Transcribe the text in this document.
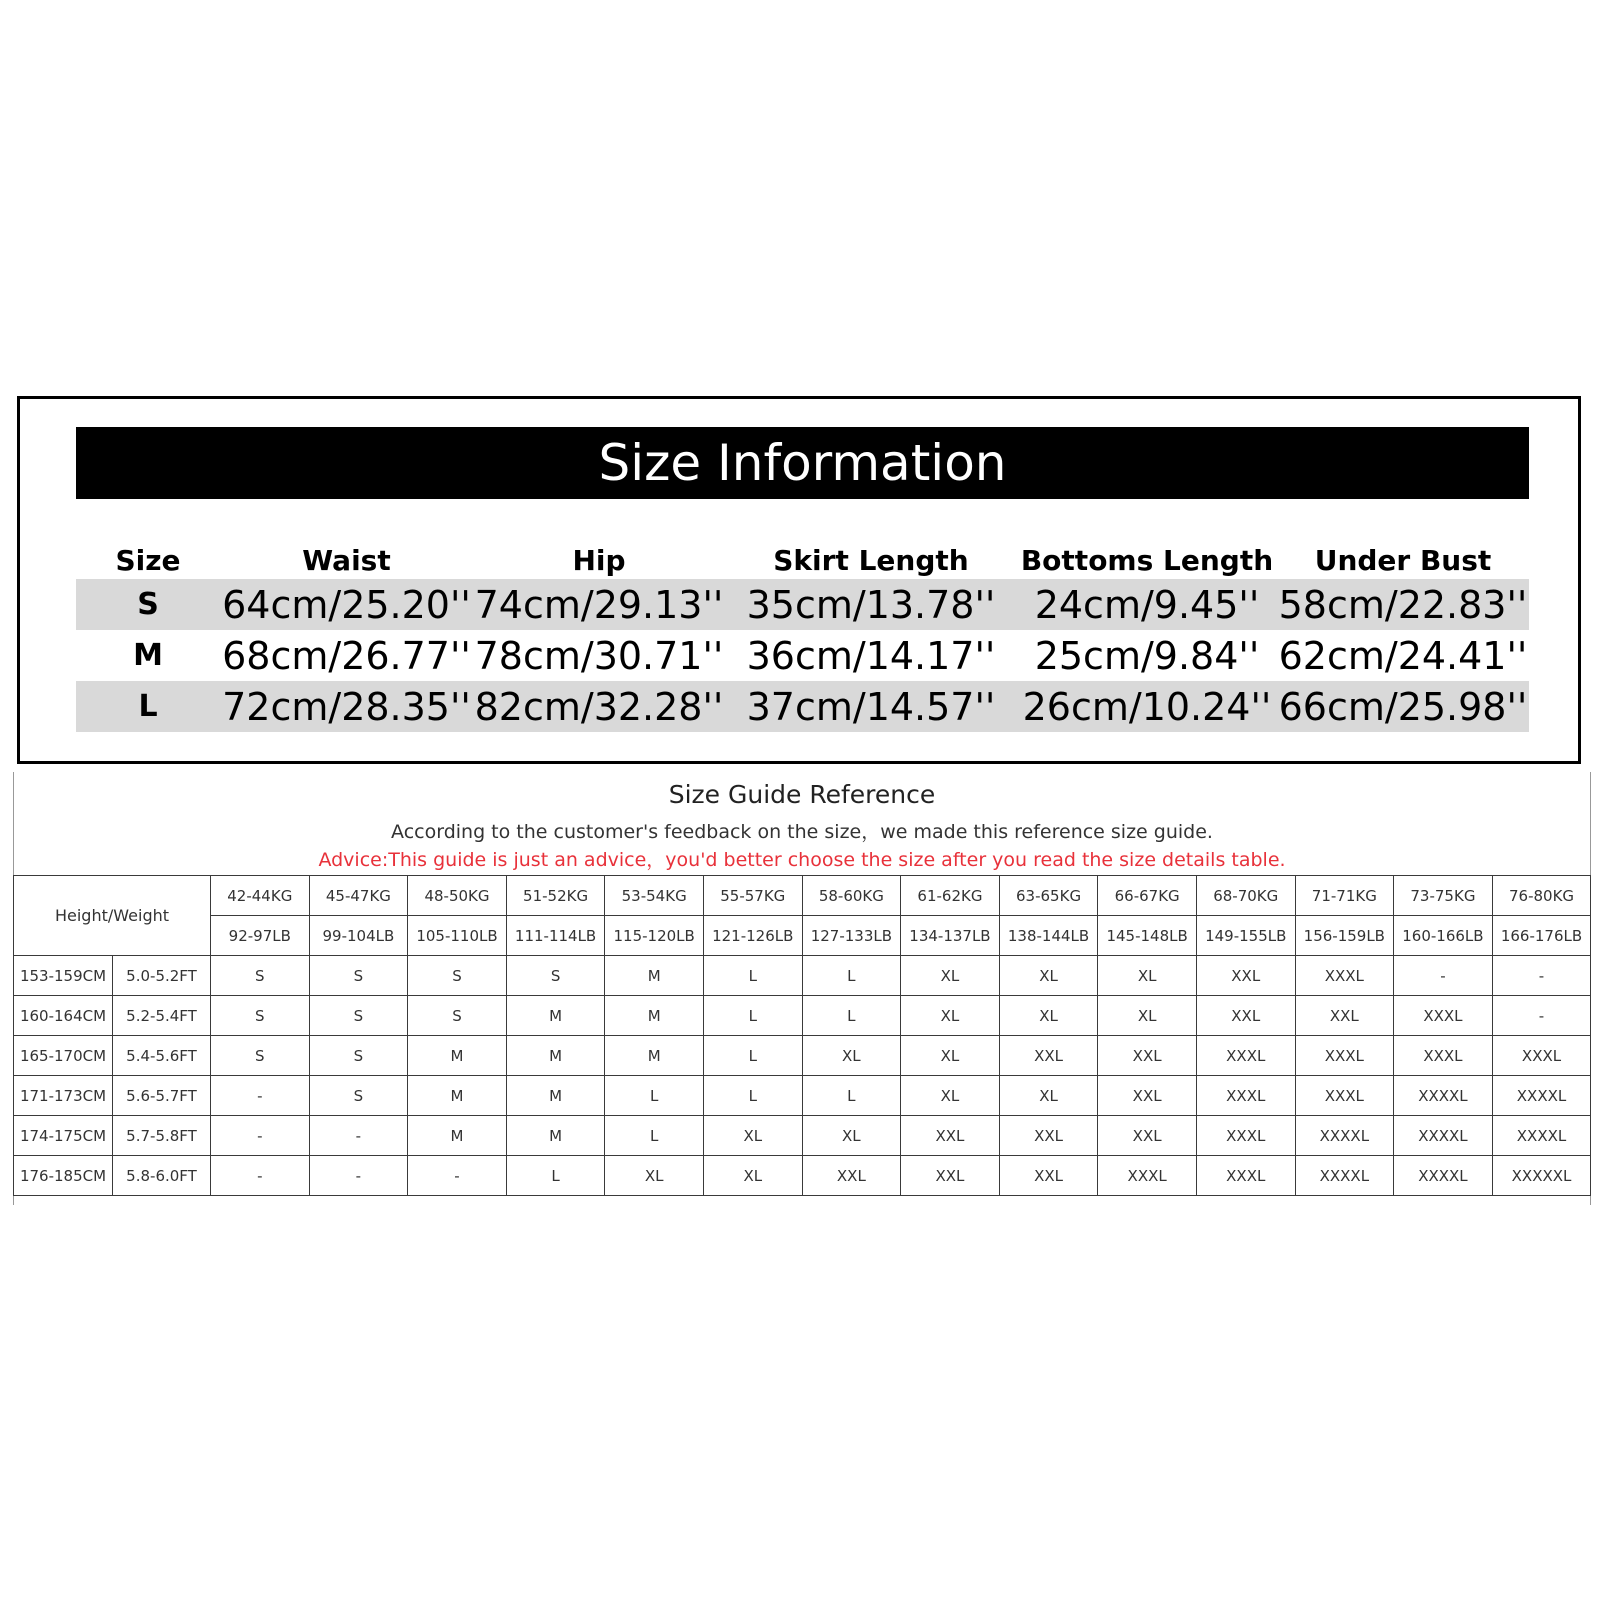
Size Information
Size	Waist	Hip	Skirt Length	Bottoms Length	Under Bust
S	64cm/25.20''	74cm/29.13''	35cm/13.78''	24cm/9.45''	58cm/22.83''
M	68cm/26.77''	78cm/30.71''	36cm/14.17''	25cm/9.84''	62cm/24.41''
L	72cm/28.35''	82cm/32.28''	37cm/14.57''	26cm/10.24''	66cm/25.98''
Size Guide Reference
According to the customer's feedback on the size，we made this reference size guide.
Advice:This guide is just an advice，you'd better choose the size after you read the size details table.
Height/Weight		42-44KG	45-47KG	48-50KG	51-52KG	53-54KG	55-57KG	58-60KG	61-62KG	63-65KG	66-67KG	68-70KG	71-71KG	73-75KG	76-80KG
		92-97LB	99-104LB	105-110LB	111-114LB	115-120LB	121-126LB	127-133LB	134-137LB	138-144LB	145-148LB	149-155LB	156-159LB	160-166LB	166-176LB
153-159CM	5.0-5.2FT	S	S	S	S	M	L	L	XL	XL	XL	XXL	XXXL	-	-
160-164CM	5.2-5.4FT	S	S	S	M	M	L	L	XL	XL	XL	XXL	XXL	XXXL	-
165-170CM	5.4-5.6FT	S	S	M	M	M	L	XL	XL	XXL	XXL	XXXL	XXXL	XXXL	XXXL
171-173CM	5.6-5.7FT	-	S	M	M	L	L	L	XL	XL	XXL	XXXL	XXXL	XXXXL	XXXXL
174-175CM	5.7-5.8FT	-	-	M	M	L	XL	XL	XXL	XXL	XXL	XXXL	XXXXL	XXXXL	XXXXL
176-185CM	5.8-6.0FT	-	-	-	L	XL	XL	XXL	XXL	XXL	XXXL	XXXL	XXXXL	XXXXL	XXXXXL
